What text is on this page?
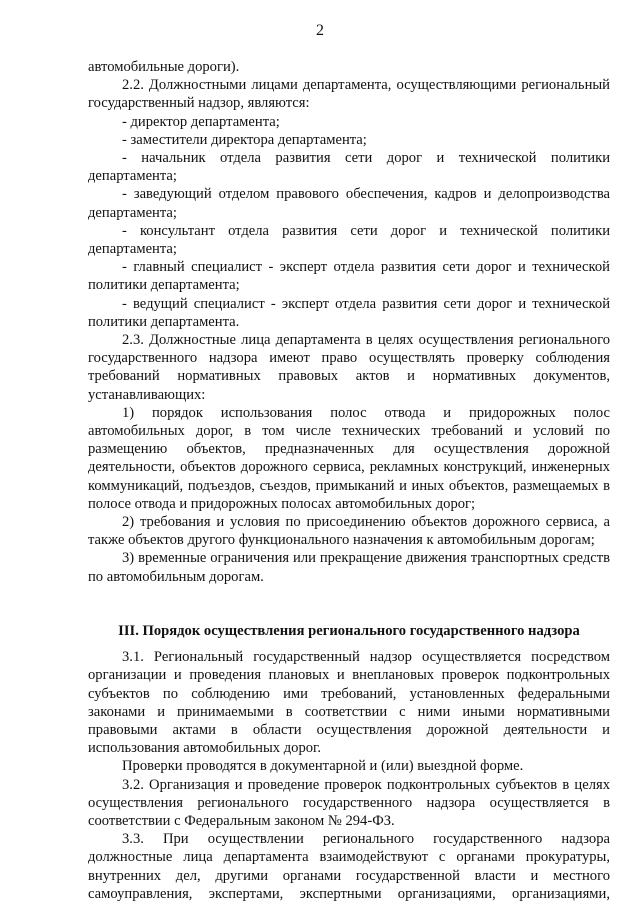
2

автомобильные дороги).

2.2. Должностными лицами департамента, осуществляющими региональный государственный надзор, являются:

- директор департамента;

- заместители директора департамента;

- начальник отдела развития сети дорог и технической политики департамента;

- заведующий отделом правового обеспечения, кадров и делопроизводства департамента;

- консультант отдела развития сети дорог и технической политики департамента;

- главный специалист - эксперт отдела развития сети дорог и технической политики департамента;

- ведущий специалист - эксперт отдела развития сети дорог и технической политики департамента.

2.3. Должностные лица департамента в целях осуществления регионального государственного надзора имеют право осуществлять проверку соблюдения требований нормативных правовых актов и нормативных документов, устанавливающих:

1) порядок использования полос отвода и придорожных полос автомобильных дорог, в том числе технических требований и условий по размещению объектов, предназначенных для осуществления дорожной деятельности, объектов дорожного сервиса, рекламных конструкций, инженерных коммуникаций, подъездов, съездов, примыканий и иных объектов, размещаемых в полосе отвода и придорожных полосах автомобильных дорог;

2) требования и условия по присоединению объектов дорожного сервиса, а также объектов другого функционального назначения к автомобильным дорогам;

3) временные ограничения или прекращение движения транспортных средств по автомобильным дорогам.

III. Порядок осуществления регионального государственного надзора

3.1. Региональный государственный надзор осуществляется посредством организации и проведения плановых и внеплановых проверок подконтрольных субъектов по соблюдению ими требований, установленных федеральными законами и принимаемыми в соответствии с ними иными нормативными правовыми актами в области осуществления дорожной деятельности и использования автомобильных дорог.

Проверки проводятся в документарной и (или) выездной форме.

3.2. Организация и проведение проверок подконтрольных субъектов в целях осуществления регионального государственного надзора осуществляется в соответствии с Федеральным законом № 294-ФЗ.

3.3. При осуществлении регионального государственного надзора должностные лица департамента взаимодействуют с органами прокуратуры, внутренних дел, другими органами государственной власти и местного самоуправления, экспертами, экспертными организациями, организациями,
